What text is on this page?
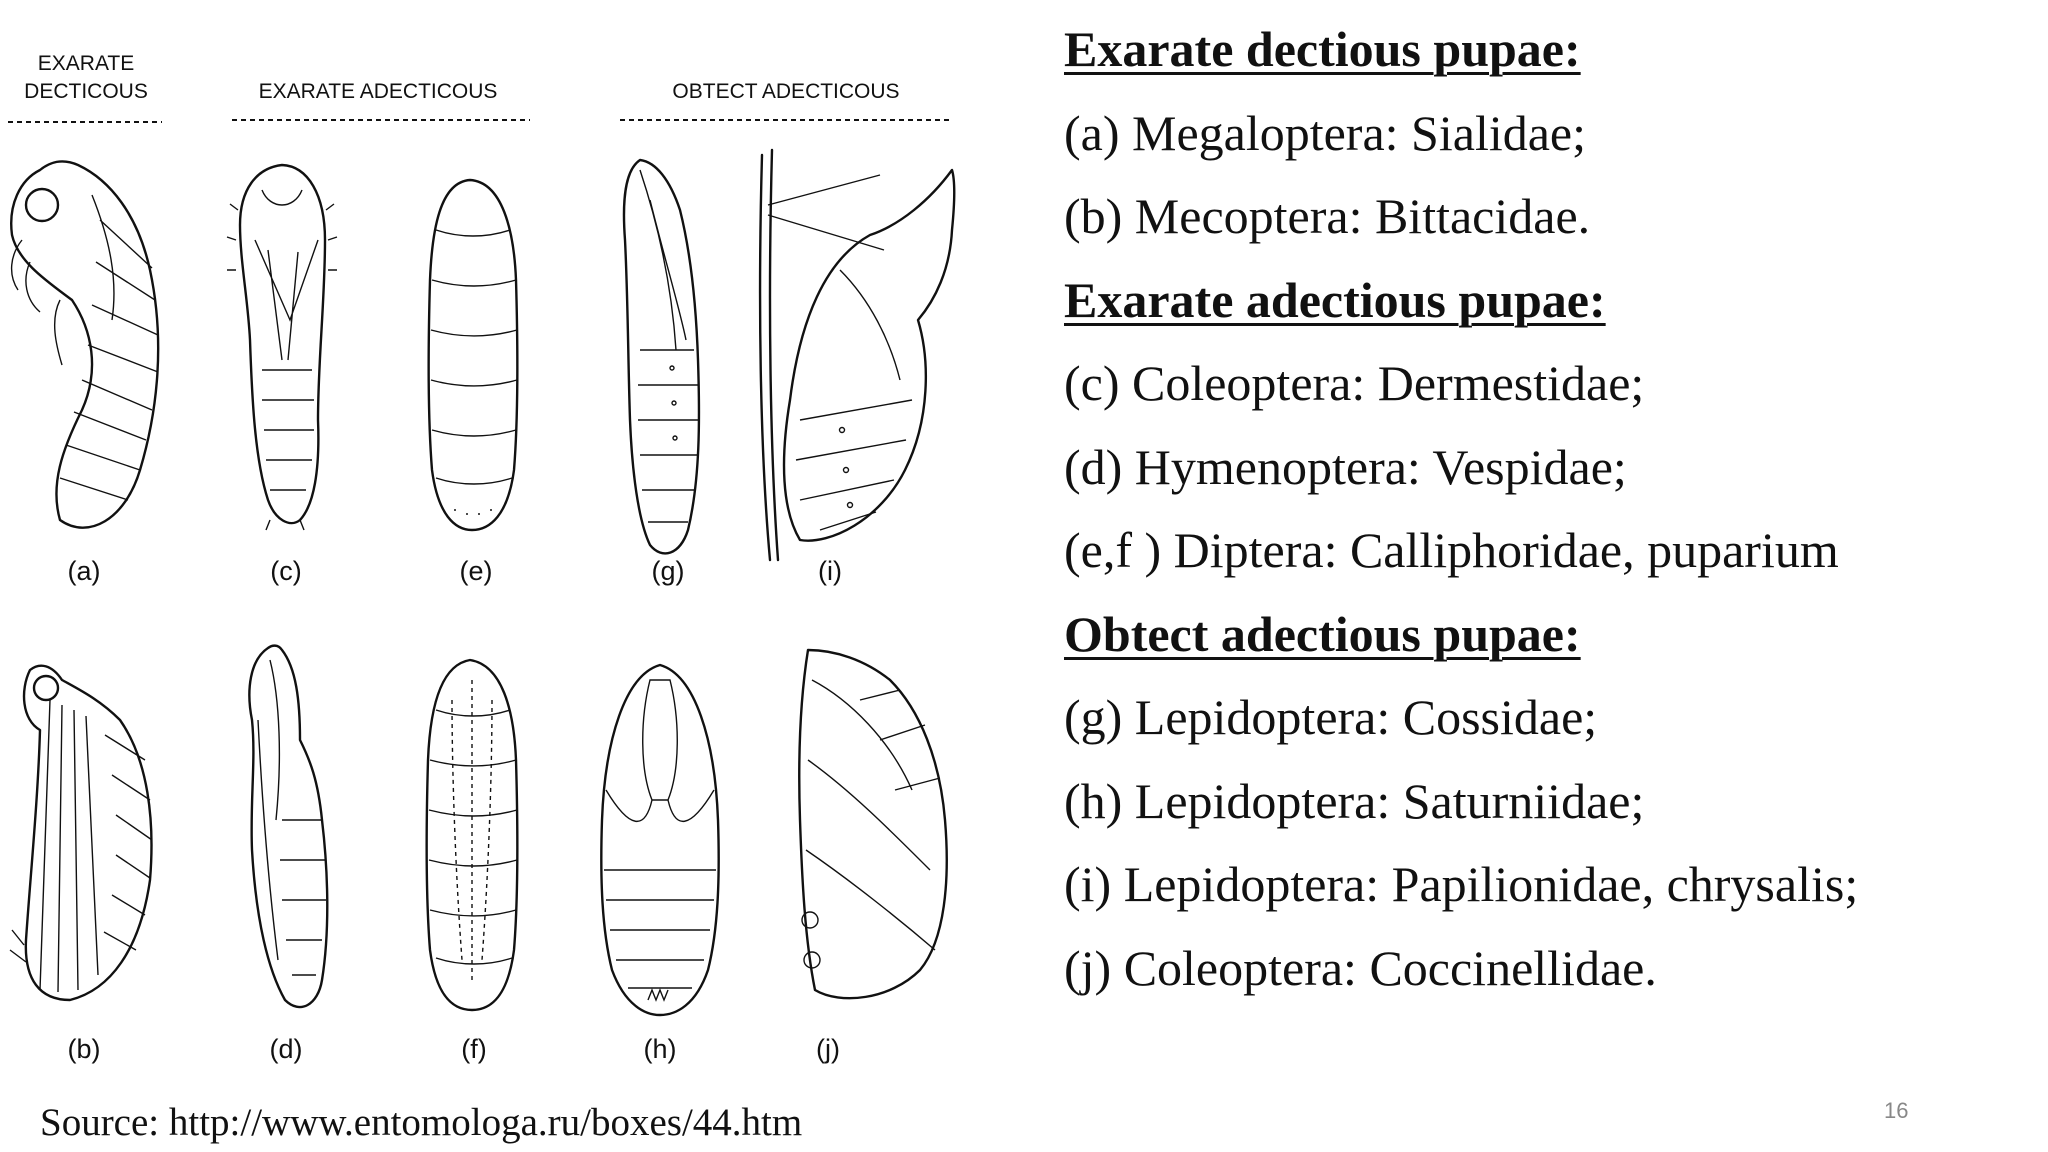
EXARATE
DECTICOUS	EXARATE ADECTICOUS	OBTECT ADECTICOUS
(a)	(c)	(e)	(g)	(i)
(b)	(d)	(f)	(h)	(j)
Exarate dectious pupae:
(a) Megaloptera: Sialidae;
(b) Mecoptera: Bittacidae.
Exarate adectious pupae:
(c) Coleoptera: Dermestidae;
(d) Hymenoptera: Vespidae;
(e,f ) Diptera: Calliphoridae, puparium
Obtect adectious pupae:
(g) Lepidoptera: Cossidae;
(h) Lepidoptera: Saturniidae;
(i) Lepidoptera: Papilionidae, chrysalis;
(j) Coleoptera: Coccinellidae.
Source: http://www.entomologa.ru/boxes/44.htm	16
